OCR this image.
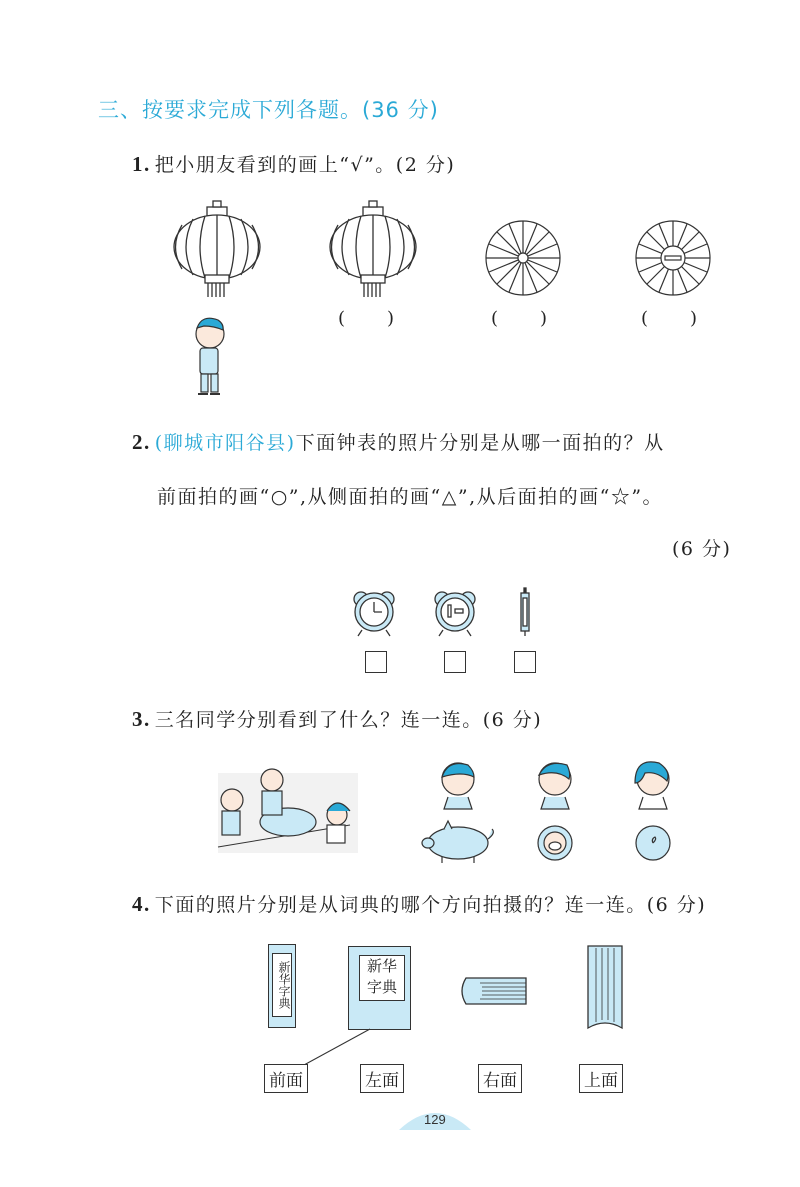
三、按要求完成下列各题。(36 分)
1. 把小朋友看到的画上“√”。(2 分)
(　　)	(　　)	(　　)
2. (聊城市阳谷县)下面钟表的照片分别是从哪一面拍的？从
前面拍的画“○”,从侧面拍的画“△”,从后面拍的画“☆”。
(6 分)
3. 三名同学分别看到了什么？连一连。(6 分)
4. 下面的照片分别是从词典的哪个方向拍摄的？连一连。(6 分)
新华字典	新华
字典
前面	左面	右面	上面
129
